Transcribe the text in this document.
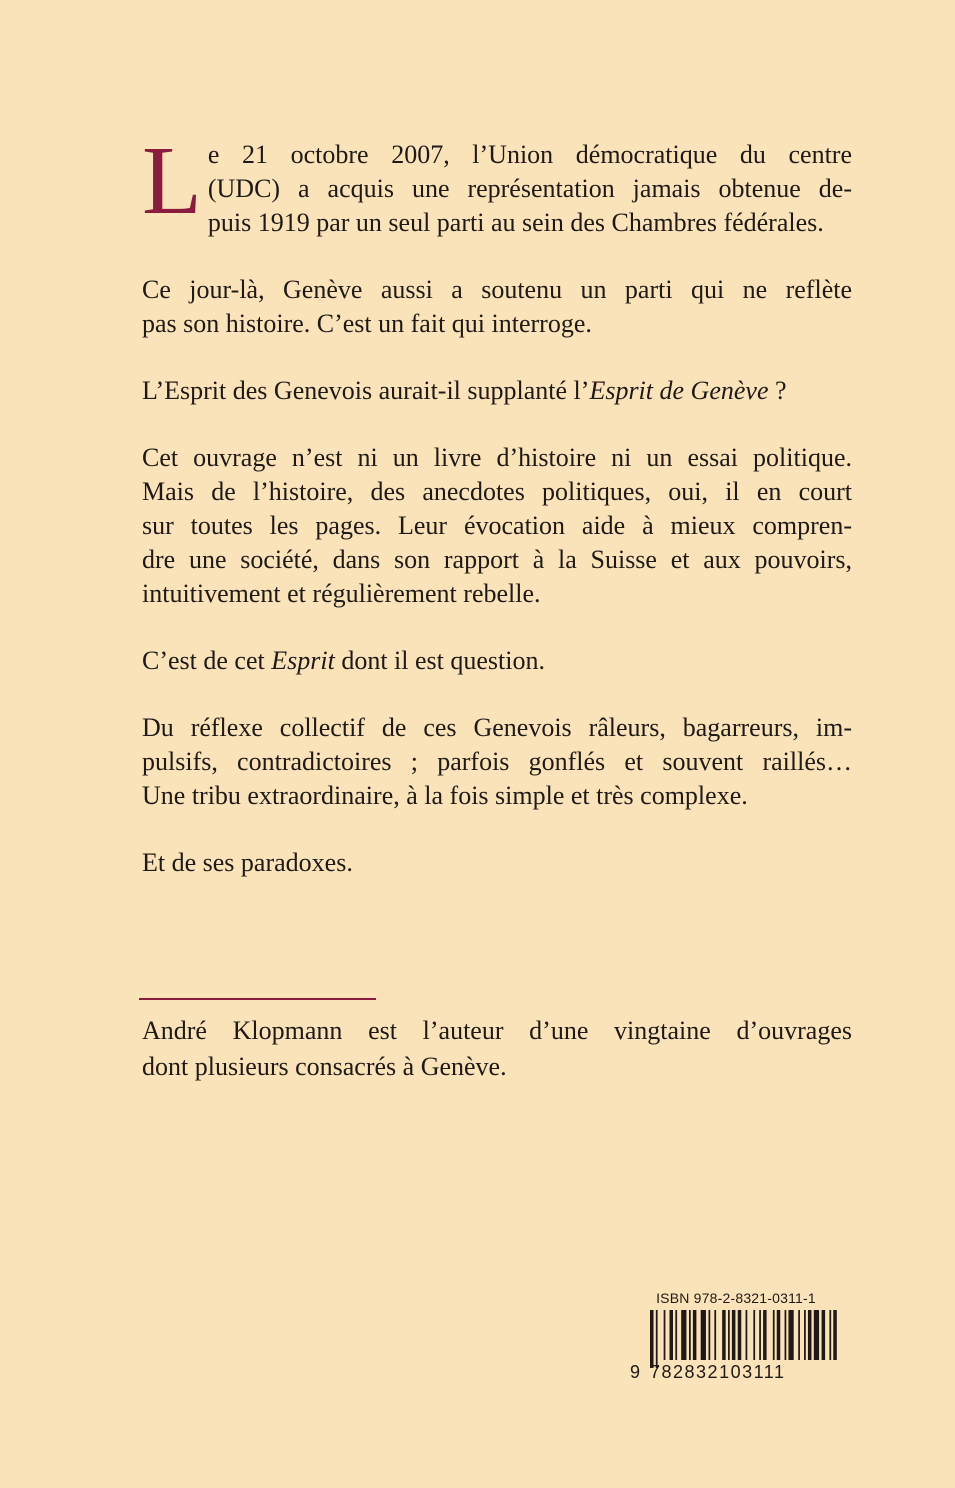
L e 21 octobre 2007, l’Union démocratique du centre
(UDC) a acquis une représentation jamais obtenue de-
puis 1919 par un seul parti au sein des Chambres fédérales.

Ce jour-là, Genève aussi a soutenu un parti qui ne reflète
pas son histoire. C’est un fait qui interroge.

L’Esprit des Genevois aurait-il supplanté l’Esprit de Genève ?

Cet ouvrage n’est ni un livre d’histoire ni un essai politique.
Mais de l’histoire, des anecdotes politiques, oui, il en court
sur toutes les pages. Leur évocation aide à mieux compren-
dre une société, dans son rapport à la Suisse et aux pouvoirs,
intuitivement et régulièrement rebelle.

C’est de cet Esprit dont il est question.

Du réflexe collectif de ces Genevois râleurs, bagarreurs, im-
pulsifs, contradictoires ; parfois gonflés et souvent raillés…
Une tribu extraordinaire, à la fois simple et très complexe.

Et de ses paradoxes.

André Klopmann est l’auteur d’une vingtaine d’ouvrages
dont plusieurs consacrés à Genève.
ISBN 978-2-8321-0311-1
9 782832103111
